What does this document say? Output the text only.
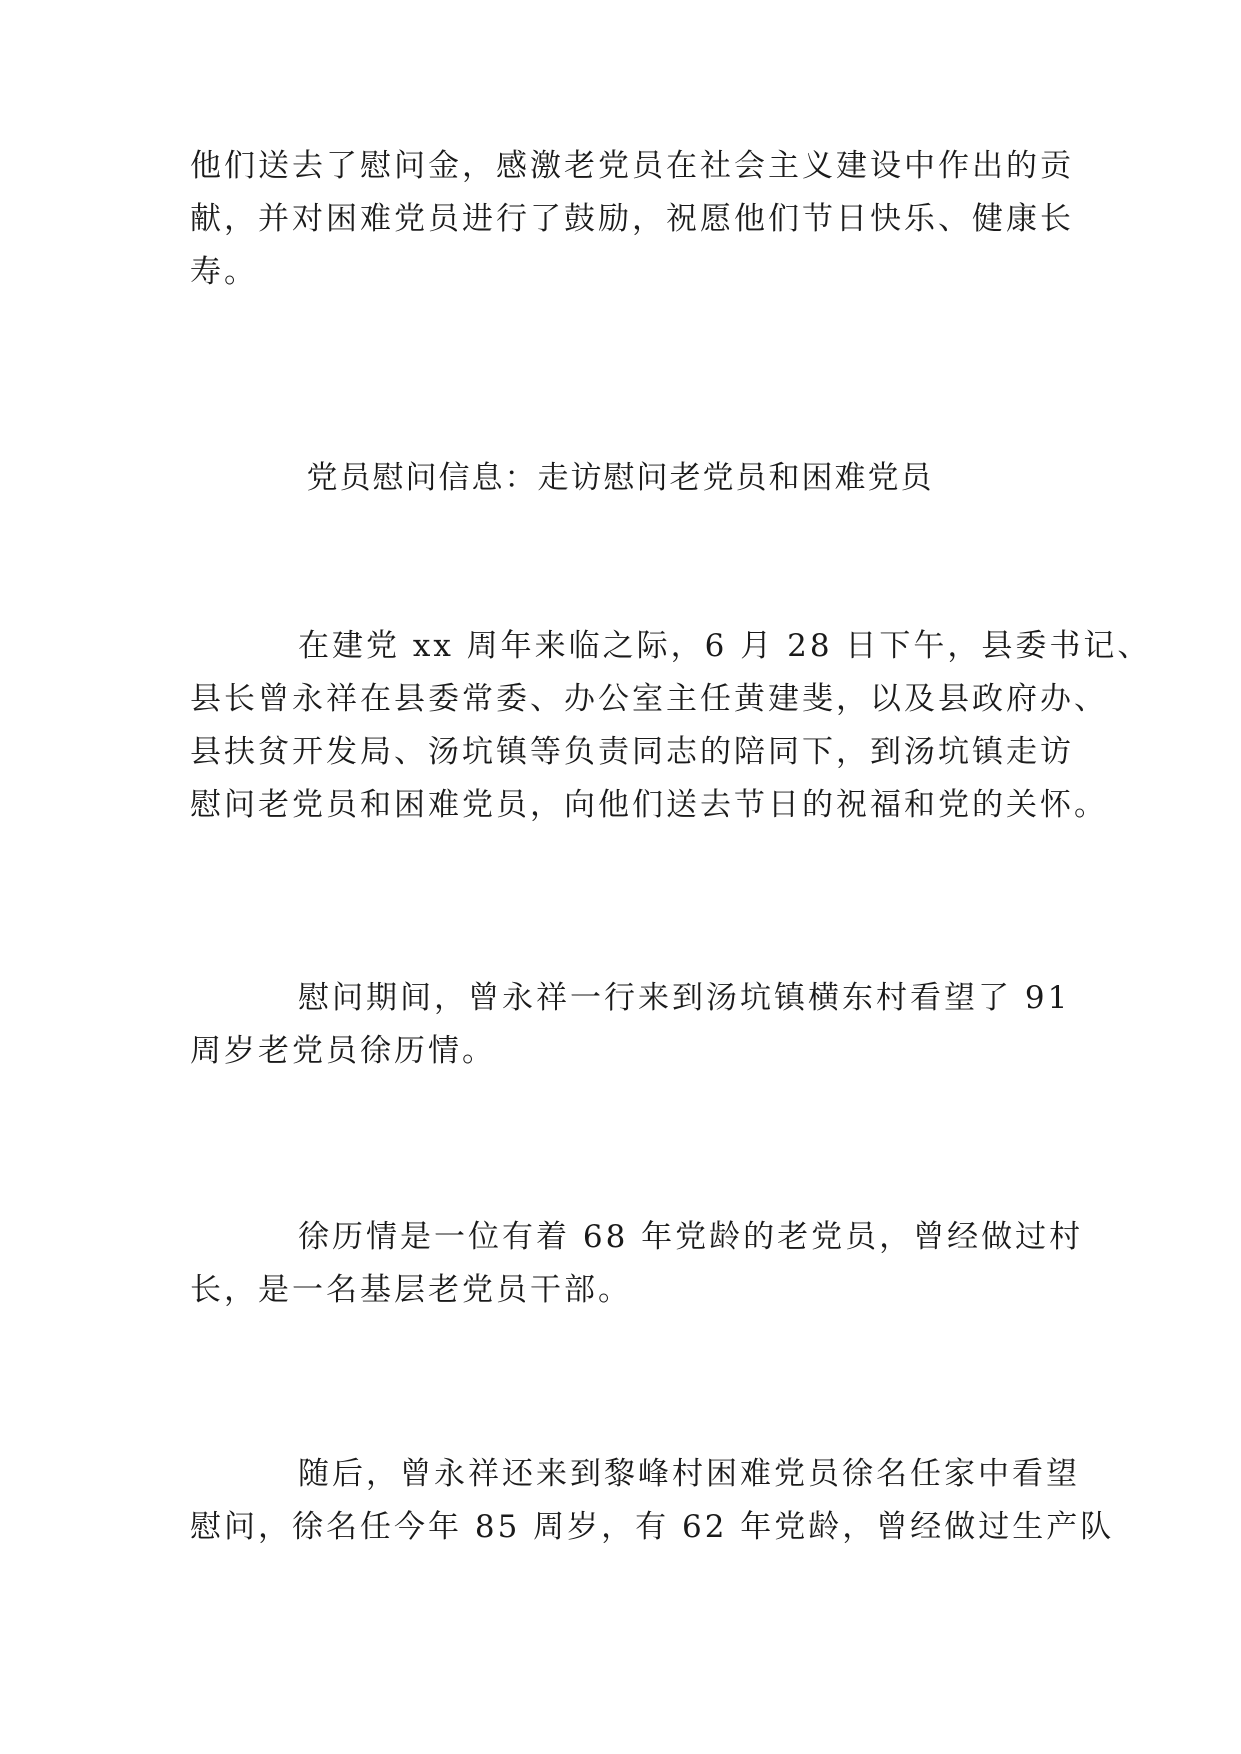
他们送去了慰问金，感激老党员在社会主义建设中作出的贡
献，并对困难党员进行了鼓励，祝愿他们节日快乐、健康长
寿。
党员慰问信息：走访慰问老党员和困难党员
在建党 xx 周年来临之际，6 月 28 日下午，县委书记、
县长曾永祥在县委常委、办公室主任黄建斐，以及县政府办、
县扶贫开发局、汤坑镇等负责同志的陪同下，到汤坑镇走访
慰问老党员和困难党员，向他们送去节日的祝福和党的关怀。
慰问期间，曾永祥一行来到汤坑镇横东村看望了 91
周岁老党员徐历情。
徐历情是一位有着 68 年党龄的老党员，曾经做过村
长，是一名基层老党员干部。
随后，曾永祥还来到黎峰村困难党员徐名任家中看望
慰问，徐名任今年 85 周岁，有 62 年党龄，曾经做过生产队
